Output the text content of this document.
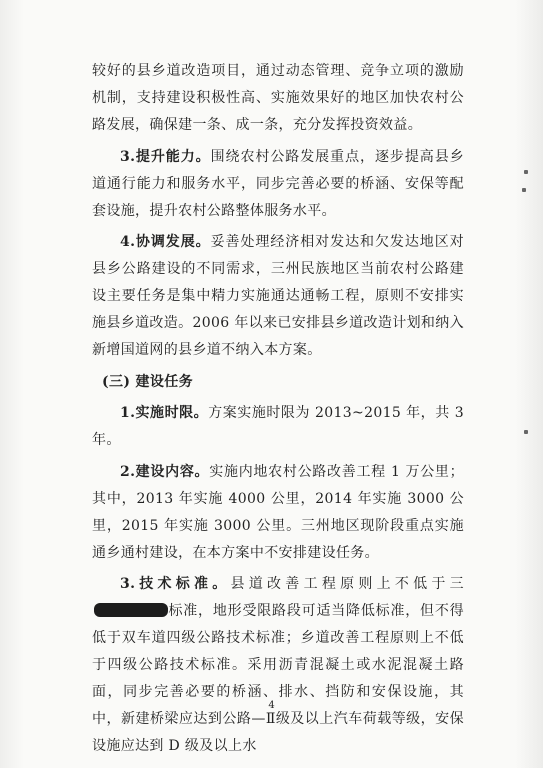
较好的县乡道改造项目，通过动态管理、竞争立项的激励机制，支持建设积极性高、实施效果好的地区加快农村公路发展，确保建一条、成一条，充分发挥投资效益。

3.提升能力。围绕农村公路发展重点，逐步提高县乡道通行能力和服务水平，同步完善必要的桥涵、安保等配套设施，提升农村公路整体服务水平。

4.协调发展。妥善处理经济相对发达和欠发达地区对县乡公路建设的不同需求，三州民族地区当前农村公路建设主要任务是集中精力实施通达通畅工程，原则不安排实施县乡道改造。2006 年以来已安排县乡道改造计划和纳入新增国道网的县乡道不纳入本方案。

(三) 建设任务

1.实施时限。方案实施时限为 2013~2015 年，共 3 年。

2.建设内容。实施内地农村公路改善工程 1 万公里；其中，2013 年实施 4000 公里，2014 年实施 3000 公里，2015 年实施 3000 公里。三州地区现阶段重点实施通乡通村建设，在本方案中不安排建设任务。

3.技术标准。县道改善工程原则上不低于三标准，地形受限路段可适当降低标准，但不得低于双车道四级公路技术标准；乡道改善工程原则上不低于四级公路技术标准。采用沥青混凝土或水泥混凝土路面，同步完善必要的桥涵、排水、挡防和安保设施，其中，新建桥梁应达到公路—Ⅱ级及以上汽车荷载等级，安保设施应达到 D 级及以上水

4
